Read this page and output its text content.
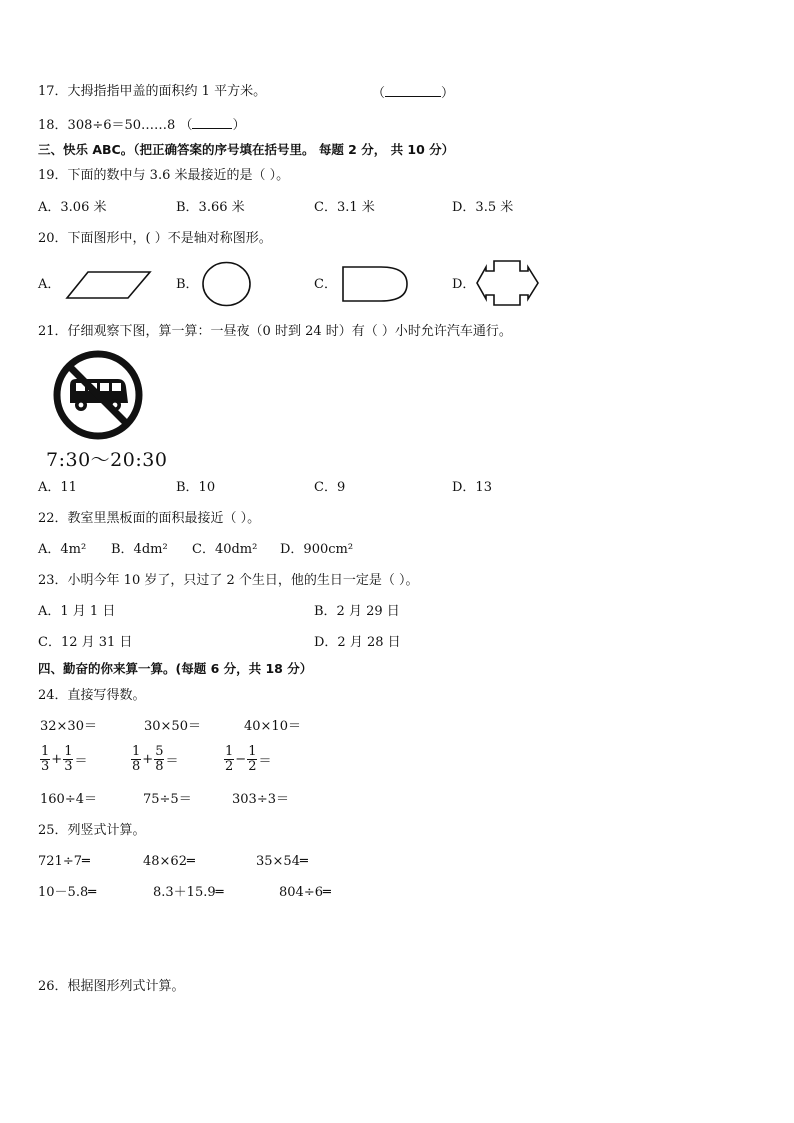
17．大拇指指甲盖的面积约 1 平方米。	（	）
18．308÷6＝50……8 （	）
三、快乐 ABC。（把正确答案的序号填在括号里。 每题 2 分， 共 10 分）
19．下面的数中与 3.6 米最接近的是（ ）。
A．3.06 米	B．3.66 米	C．3.1 米	D．3.5 米
20．下面图形中，( ）不是轴对称图形。
A．	B．	C．	D．
21．仔细观察下图，算一算：一昼夜（0 时到 24 时）有（ ）小时允许汽车通行。
7:30～20:30
A．11	B．10	C．9	D．13
22．教室里黑板面的面积最接近（ ）。
A．4m² B．4dm² C．40dm² D．900cm²
23．小明今年 10 岁了，只过了 2 个生日，他的生日一定是（ ）。
A．1 月 1 日	B．2 月 29 日
C．12 月 31 日	D．2 月 28 日
四、勤奋的你来算一算。(每题 6 分，共 18 分）
24．直接写得数。
32×30＝	30×50＝	40×10＝
$\frac{1}{3} + \frac{1}{3}$ ＝	$\frac{1}{8} + \frac{5}{8}$ ＝	$\frac{1}{2} - \frac{1}{2}$ ＝
160÷4＝	75÷5＝	303÷3＝
25．列竖式计算。
721÷7═	48×62═	35×54═
10－5.8═	8.3＋15.9═	804÷6═
26．根据图形列式计算。
